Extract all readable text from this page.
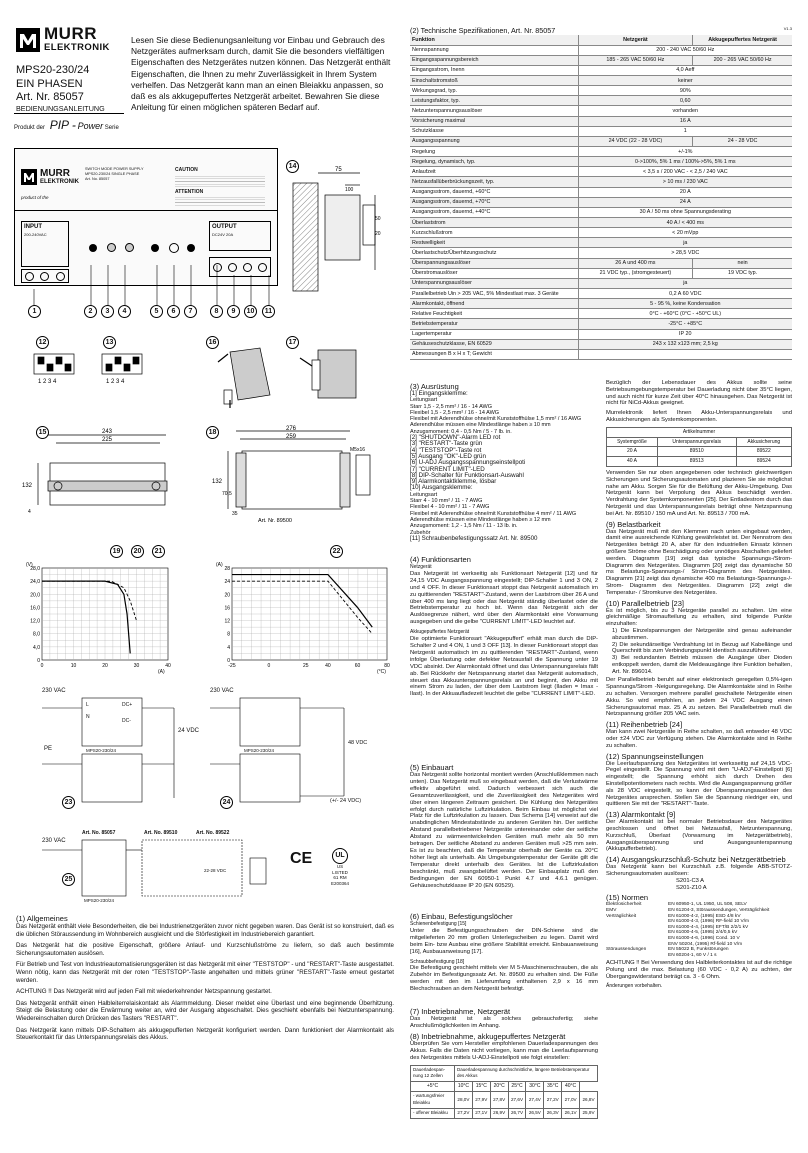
MURR
ELEKTRONIK
MPS20-230/24
EIN PHASEN
Art. Nr. 85057
BEDIENUNGSANLEITUNG
Produkt der PIP - Power Serie
Lesen Sie diese Bedienungsanleitung vor Einbau und Gebrauch des Netzgerätes aufmerksam durch, damit Sie die besonders vielfältigen Eigenschaften des Netzgerätes nutzen können. Das Netzgerät enthält Eigenschaften, die Ihnen zu mehr Zuverlässigkeit in Ihrem System verhelfen. Das Netzgerät kann man an einen Bleiakku anpassen, so daß es als akkugepuffertes Netzgerät arbeitet. Bewahren Sie diese Anleitung für einen möglichen späteren Bedarf auf.
MURR
ELEKTRONIK
product of the
SWITCH MODE POWER SUPPLY
MPS20-230/24 SINGLE PHASE
Art. No. 85057
CAUTION
ATTENTION
INPUT
200-240VAC
OUTPUT
DC24V 20A
1	2	3	4	5	6	7	8	9	10	11
14	75
100
50
20
12	13
1 2 3 4	1 2 3 4
16	17
15	243
225
132
4
18	276
259
132
70,5
35
M5x16
Art. Nr. 89500
19	20	21	22
28,0
24,0
20,0
16,0
12,0
8,0
4,0
0
0	10	20	30	40
(V)
(A)
28
24
20
16
12
8
4
0
-25	0	25	40	60	80
(A)
(°C)
230 VAC	230 VAC
PE	MPS20-230/24	MPS20-230/24
24 VDC
48 VDC
(+/- 24 VDC)
L
N
DC+
DC-
23	24
Art. No. 85057	Art. No. 89510	Art. No. 89522
230 VAC
22-28 VDC
MPS20-230/24
25
CE	UL
US
LISTED
61 RM
E200364
(1) Allgemeines

Das Netzgerät enthält viele Besonderheiten, die bei Industrienetzgeräten zuvor nicht gegeben waren. Das Gerät ist so konstruiert, daß es die üblichen Störaussendung im Wohnbereich ausgleicht und die Störfestigkeit im Industriebereich garantiert.

Das Netzgerät hat die positive Eigenschaft, größere Anlauf- und Kurzschlußströme zu liefern, so daß auch bestimmte Sicherungsautomaten auslösen.

Für Betrieb und Test von Industrieautomatisierungsgeräten ist das Netzgerät mit einer "TESTSTOP" - und "RESTART"-Taste ausgestattet. Wenn nötig, kann das Netzgerät mit der roten "TESTSTOP"-Taste angehalten und mittels grüner "RESTART"-Taste erneut gestartet werden.

ACHTUNG !! Das Netzgerät wird auf jeden Fall mit wiederkehrender Netzspannung gestartet.

Das Netzgerät enthält einen Halbleiterrelaiskontakt als Alarmmeldung. Dieser meldet eine Überlast und eine beginnende Überhitzung. Steigt die Belastung oder die Erwärmung weiter an, wird der Ausgang abgeschaltet. Dies geschieht ebenfalls bei Netzunterspannung. Wiedereinschalten durch Drücken des Tasters "RESTART".

Das Netzgerät kann mittels DIP-Schaltern als akkugepufferten Netzgerät konfiguriert werden. Dann funktioniert der Alarmkontakt als Steuerkontakt für das Unterspannungsrelais des Akkus.

(2) Technische Spezifikationen, Art. Nr. 85057	V1.3
Funktion	Netzgerät	Akkugepuffertes Netzgerät
Nennspannung	200 - 240 VAC 50/60 Hz	
Eingangsspannungsbereich	185 - 265 VAC 50/60 Hz	200 - 265 VAC 50/60 Hz
Eingangsstrom, Inenn	4,0 Aeff	
Einschaltstromstoß	keiner	
Wirkungsgrad, typ.	90%	
Leistungsfaktor, typ.	0,60	
Netzunterspannungsauslöser	vorhanden	
Vorsicherung maximal	16 A	
Schutzklasse	1	
Ausgangsspannung	24 VDC (22 - 28 VDC)	24 - 28 VDC
Regelung	+/-1%	
Regelung, dynamisch, typ.	0->100%, 5% 1 ms / 100%->5%, 5% 1 ms	
Anlaufzeit	< 3,5 s / 200 VAC - < 2,5 / 240 VAC	
Netzausfallüberbrückungszeit, typ.	> 10 ms / 230 VAC	
Ausgangsstrom, dauernd, +60°C	20 A	
Ausgangsstrom, dauernd, +70°C	24 A	
Ausgangsstrom, dauernd, +40°C	30 A / 50 ms ohne Spannungsderating	
Überlaststrom	40 A / < 400 ms	
Kurzschlußstrom	< 20 mVpp	
Restwelligkeit	ja	
Überlastschutz/Überhitzungsschutz	> 28,5 VDC	
Überspannungsauslöser	26 A und 400 ms	nein
Überstromauslöser	21 VDC typ., (stromgesteuert)	19 VDC typ.
Unterspannungsauslöser	ja	
Parallelbetrieb Uin > 205 VAC, 5% Mindestlast max. 3 Geräte	0,2 A 60 VDC	
Alarmkontakt, öffnend	5 - 95 %, keine Kondensation	
Relative Feuchtigkeit	0°C - +60°C (0°C - +50°C UL)	
Betriebstemperatur	-25°C - +85°C	
Lagertemperatur	IP 20	
Gehäuseschutzklasse, EN 60529	243 x 132 x123 mm; 2,5 kg	
Abmessungen B x H x T; Gewicht		
(3) Ausrüstung
[1] Eingangsklemme:
Leitungsart
Starr 1,5 - 2,5 mm² / 16 - 14 AWG
Flexibel 1,5 - 2,5 mm² / 16 - 14 AWG
Flexibel mit Aderendhülse ohne/mit Kunststoffhülse 1,5 mm² / 16 AWG
Aderendhülse müssen eine Mindestlänge haben ≥ 10 mm
Anzugsmoment: 0,4 - 0,5 Nm / 5 - 7 lb. in.
[2] "SHUTDOWN"-Alarm LED rot
[3] "RESTART"-Taste grün
[4] "TESTSTOP"-Taste rot
[5] Ausgang "OK"-LED grün
[6] U-ADJ Ausgangsspannungseinstellpoti
[7] "CURRENT LIMIT"-LED
[8] DIP-Schalter für Funktionsart-Auswahl
[9] Alarmkontaktklemme, lösbar
[10] Ausgangsklemme:
Leitungsart
Starr 4 - 10 mm² / 11 - 7 AWG
Flexibel 4 - 10 mm² / 11 - 7 AWG
Flexibel mit Aderendhülse ohne/mit Kunststoffhülse 4 mm² / 11 AWG
Aderendhülse müssen eine Mindestlänge haben ≥ 12 mm
Anzugsmoment: 1,2 - 1,5 Nm / 11 - 13 lb. in.
Zubehör
[11] Schraubenbefestigungssatz Art. Nr. 89500
(4) Funktionsarten
Netzgerät

Das Netzgerät ist werkseitig als Funktionsart Netzgerät [12] und für 24,15 VDC Ausgangsspannung eingestellt; DIP-Schalter 1 und 3 ON, 2 und 4 OFF. In dieser Funktionsart stoppt das Netzgerät automatisch im zu quittierenden "RESTART"-Zustand, wenn der Laststrom über 26 A und über 400 ms lang liegt oder das Netzgerät ständig überlastet oder die Betriebstemperatur zu hoch ist. Wenn das Netzgerät sich der Auslösegrenze nähert, wird über den Alarmkontakt eine Vorwarnung ausgegeben und die gelbe "CURRENT LIMIT"-LED leuchtet auf.

Akkugepuffertes Netzgerät

Die optimierte Funktionsart "Akkugepuffert" erhält man durch die DIP-Schalter 2 und 4 ON, 1 und 3 OFF [13]. In dieser Funktionsart stoppt das Netzgerät automatisch im zu quittierenden "RESTART"-Zustand, wenn infolge Überlastung oder defekter Netzausfall die Spannung unter 19 VDC absinkt. Der Alarmkontakt öffnet und das Unterspannungsrelais fällt ab. Bei Rückkehr der Netzspannung startet das Netzgerät automatisch, steuert das Akkuunterspannungsrelais an und beginnt, den Akku mit einem Strom zu laden, der über dem Laststrom liegt (Iladen = Imax - Ilast). In der Akkuaufladezeit leuchtet die gelbe "CURRENT LIMIT"-LED.

(5) Einbauart

Das Netzgerät sollte horizontal montiert werden (Anschlußklemmen nach unten). Das Netzgerät muß so eingebaut werden, daß die Verlustwärme effektiv abgeführt wird. Dadurch verbessert sich auch die Gesamtzuverlässigkeit, und die Zuverlässigkeit des Netzgerätes wird über einen längeren Zeitraum gesichert. Die Kühlung des Netzgerätes erfolgt durch natürliche Luftzirkulation. Beim Einbau ist möglichst viel Platz für die Luftzirkulation zu lassen. Das Schema [14] verweist auf die unabdinglichen Mindestabstände zu anderen Geräten hin. Der seitliche Abstand parallelbetriebener Netzgeräte untereinander oder der seitliche Abstand zu wärmeentwickelnden Geräten muß mehr als 50 mm betragen. Der seitliche Abstand zu anderen Geräten muß >25 mm sein. Es ist zu beachten, daß die Temperatur oberhalb der Geräte ca. 20°C höher liegt als unterhalb. Als Umgebungstemperatur der Geräte gilt die Temperatur direkt unterhalb des Gerätes. Ist die Luftzirkulation beschränkt, muß zwangsbelüftet werden. Der Einbauplatz muß den Bedingungen der EN 60950-1 Punkt 4.7 und 4.6.1 genügen. Gehäuseschutzklasse IP 20 (EN 60529).

(6) Einbau, Befestigungslöcher
Schienenbefestigung [15]

Unter die Befestigungsschrauben der DIN-Schiene sind die mitgelieferten 20 mm großen Unterlegscheiben zu legen. Damit wird beim Ein- bzw Ausbau eine größere Stabilität erreicht. Einbauanweisung [16], Ausbauanweisung [17].

Schraubbefestigung [18]

Die Befestigung geschieht mittels vier M 5-Maschinenschrauben, die als Zubehör im Befestigungssatz Art. Nr. 89500 zu erhalten sind. Die Füße werden mit den im Lieferumfang enthaltenen 2,9 x 16 mm Blechschrauben an dem Netzgerät befestigt.

(7) Inbetriebnahme, Netzgerät

Das Netzgerät ist als solches gebrauchsfertig; siehe Anschlußmöglichkeiten im Anhang.

(8) Inbetriebnahme, akkugepuffertes Netzgerät

Überprüfen Sie vom Hersteller empfohlenen Dauerladespannungen des Akkus. Falls die Daten nicht vorliegen, kann man die Leerlaufspannung des Netzgerätes mittels U-ADJ-Einstellpoti wie folgt einstellen:

Dauerladespan-nung 12 Zellen	Dauerladespannung durchschnittliche, längere Betriebstemperatur des Akkus							
+5°C	10°C	15°C	20°C	25°C	30°C	35°C	40°C	
- wartungsfreier Bleiakku	28,0V	27,9V	27,8V	27,6V	27,4V	27,2V	27,0V	26,8V
- offener Bleiakku	27,2V	27,1V	26,9V	26,7V	26,5V	26,3V	26,1V	25,9V

Bezüglich der Lebensdauer des Akkus sollte seine Betriebsumgebungstemperatur bei Dauerladung nicht über 35°C liegen, und auch nicht für kurze Zeit über 40°C hinausgehen. Das Netzgerät ist nicht für NiCd-Akkus geeignet.

Murrelektronik liefert Ihnen Akku-Unterspannungsrelais und Akkusicherungen als Systemkomponenten.

Artikelnummer		
Systemgröße	Unterspannungsrelais	Akkusicherung
20 A	89510	89522
40 A	89513	89524

Verwenden Sie nur oben angegebenen oder technisch gleichwertigen Sicherungen und Sicherungsautomaten und plazieren Sie sie möglichst nahe am Akku. Sorgen Sie für die Belüftung der Akku-Umgebung. Das Netzgerät kann bei Verpolung des Akkus beschädigt werden. Verdrahtung der Systemkomponenten [25]. Der Entladestrom durch das Netzgerät und das Unterspannungsrelais beträgt ohne Netzspannung bei Art. Nr. 89510 / 150 mA und Art. Nr. 89513 / 700 mA.

(9) Belastbarkeit

Das Netzgerät muß mit den Klemmen nach unten eingebaut werden, damit eine ausreichende Kühlung gewährleistet ist. Der Nennstrom des Netzgerätes beträgt 20 A, aber für den industriellen Einsatz können größere Ströme ohne Beschädigung oder unnötiges Abschalten geliefert werden. Diagramm [19] zeigt das typische Spannungs-/Strom-Diagramm des Netzgerätes. Diagramm [20] zeigt das dynamische 50 ms Belastungs-Spannungs-/ Strom-Diagramm des Netzgerätes. Diagramm [21] zeigt das dynamische 400 ms Belastungs-Spannungs-/-Strom- Diagramm des Netzgerätes. Diagramm [22] zeigt die Temperatur- / Stromkurve des Netzgerätes.

(10) Parallelbetrieb [23]

Es ist möglich, bis zu 3 Netzgeräte parallel zu schalten. Um eine gleichmäßige Stromaufteilung zu erhalten, sind folgende Punkte einzuhalten:

1) Die Einzelspannungen der Netzgeräte sind genau aufeinander abzustimmen.

2) Die sekundärseitige Verdrahtung ist in Bezug auf Kabellänge und Querschnitt bis zum Verbindungspunkt identisch auszuführen.

3) Bei redundanten Betrieb müssen die Ausgänge über Dioden entkoppelt werden, damit die Meldeausgänge ihre Funktion behalten, Art. Nr. 896014.

Der Parallelbetrieb beruht auf einer elektronisch geregelten 0,5%-igen Spannungs/Strom -Neigungsregelung. Die Alarmkontakte sind in Reihe zu schalten. Versorgen mehrere parallel geschaltete Netzgeräte einen Akku. So wird empfohlen, an jedem 24 VDC Ausgang einen Sicherungsautomat max. 25 A zu setzen. Bei Parallelbetrieb muß die Netzspannung größer 205 VAC sein.

(11) Reihenbetrieb [24]

Man kann zwei Netzgeräte in Reihe schalten, so daß entweder 48 VDC oder ±24 VDC zur Verfügung stehen. Die Alarmkontakte sind in Reihe zu schalten.

(12) Spannungseinstellungen

Die Leerlaufspannung des Netzgerätes ist werksseitig auf 24,15 VDC-Pegel eingestellt. Die Spannung wird mit dem "U-ADJ"-Einstellpoti [6] eingestellt; die Spannung erhöht sich durch Drehen des Einstellpotentiometers nach rechts. Wird die Ausgangsspannung größer als 28 VDC eingestellt, so kann der Überspannungsauslöser des Netzgerätes ansprechen. Stellen Sie die Spannung niedriger ein, und quittieren Sie mit der "RESTART"-Taste.

(13) Alarmkontakt [9]

Der Alarmkontakt ist bei normaler Betriebsdauer des Netzgerätes geschlossen und öffnet bei Netzausfall, Netzunterspannung, Kurzschluß, Überlast (Vorwarnung im Netzgerätbetrieb), Ausgangsüberspannung und Ausgangsunterspannung (Akkupufferbetrieb).

(14) Ausgangskurzschluß-Schutz bei Netzgerätbetrieb

Das Netzgerät kann bei Kurzschluß z.B. folgende ABB-STOTZ-Sicherungsautomaten auslösen:

S201-C3 A

S201-Z10 A

(15) Normen
Elektrosicherheit	EN 60950-1, UL 1950, UL 508, SELV
EMV	EN 61204-3, Störaussendungen, Verträglichkeit
Verträglichkeit	EN 61000-4-2, (1995) ESD 4/8 kV
EN 61000-4-3, (1996) RF-field 10 V/m
EN 61000-4-4, (1995) EFT/B 2/2/1 kV
EN 61000-4-5, (1995) 2/4/0,5 kV
EN 61000-4-6, (1996) Cond. 10 V
ENV 50204, (1995) Rf-field 10 V/m
Störaussendungen	EN 55022 B, Funkstörungen
EN 60204-1, 60 V / 1 s

ACHTUNG !! Bei Verwendung des Halbleiterkontaktes ist auf die richtige Polung und die max. Belastung (60 VDC - 0,2 A) zu achten, der Übergangswiderstand beträgt ca. 3 - 6 Ohm.

Änderungen vorbehalten.
